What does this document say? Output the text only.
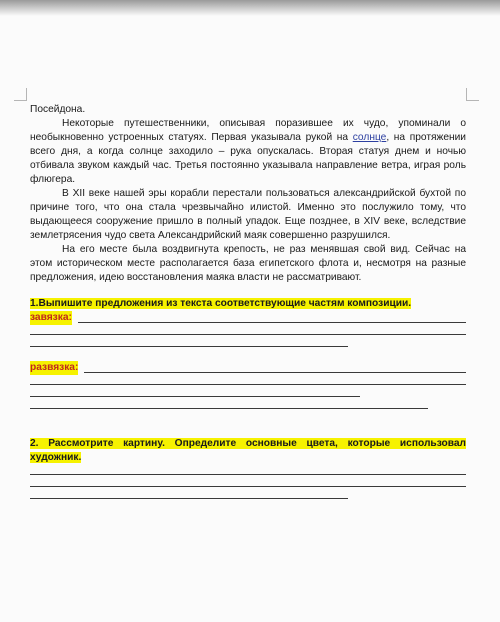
Посейдона.

Некоторые путешественники, описывая поразившее их чудо, упоминали о необыкновенно устроенных статуях. Первая указывала рукой на солнце, на протяжении всего дня, а когда солнце заходило – рука опускалась. Вторая статуя днем и ночью отбивала звуком каждый час. Третья постоянно указывала направление ветра, играя роль флюгера.

В XII веке нашей эры корабли перестали пользоваться александрийской бухтой по причине того, что она стала чрезвычайно илистой. Именно это послужило тому, что выдающееся сооружение пришло в полный упадок. Еще позднее, в XIV веке, вследствие землетрясения чудо света Александрийский маяк совершенно разрушился.

На его месте была воздвигнута крепость, не раз менявшая свой вид. Сейчас на этом историческом месте располагается база египетского флота и, несмотря на разные предложения, идею восстановления маяка власти не рассматривают.

1.Выпишите предложения из текста соответствующие частям композиции.

завязка:
развязка:

2. Рассмотрите картину. Определите основные цвета, которые использовал художник.
